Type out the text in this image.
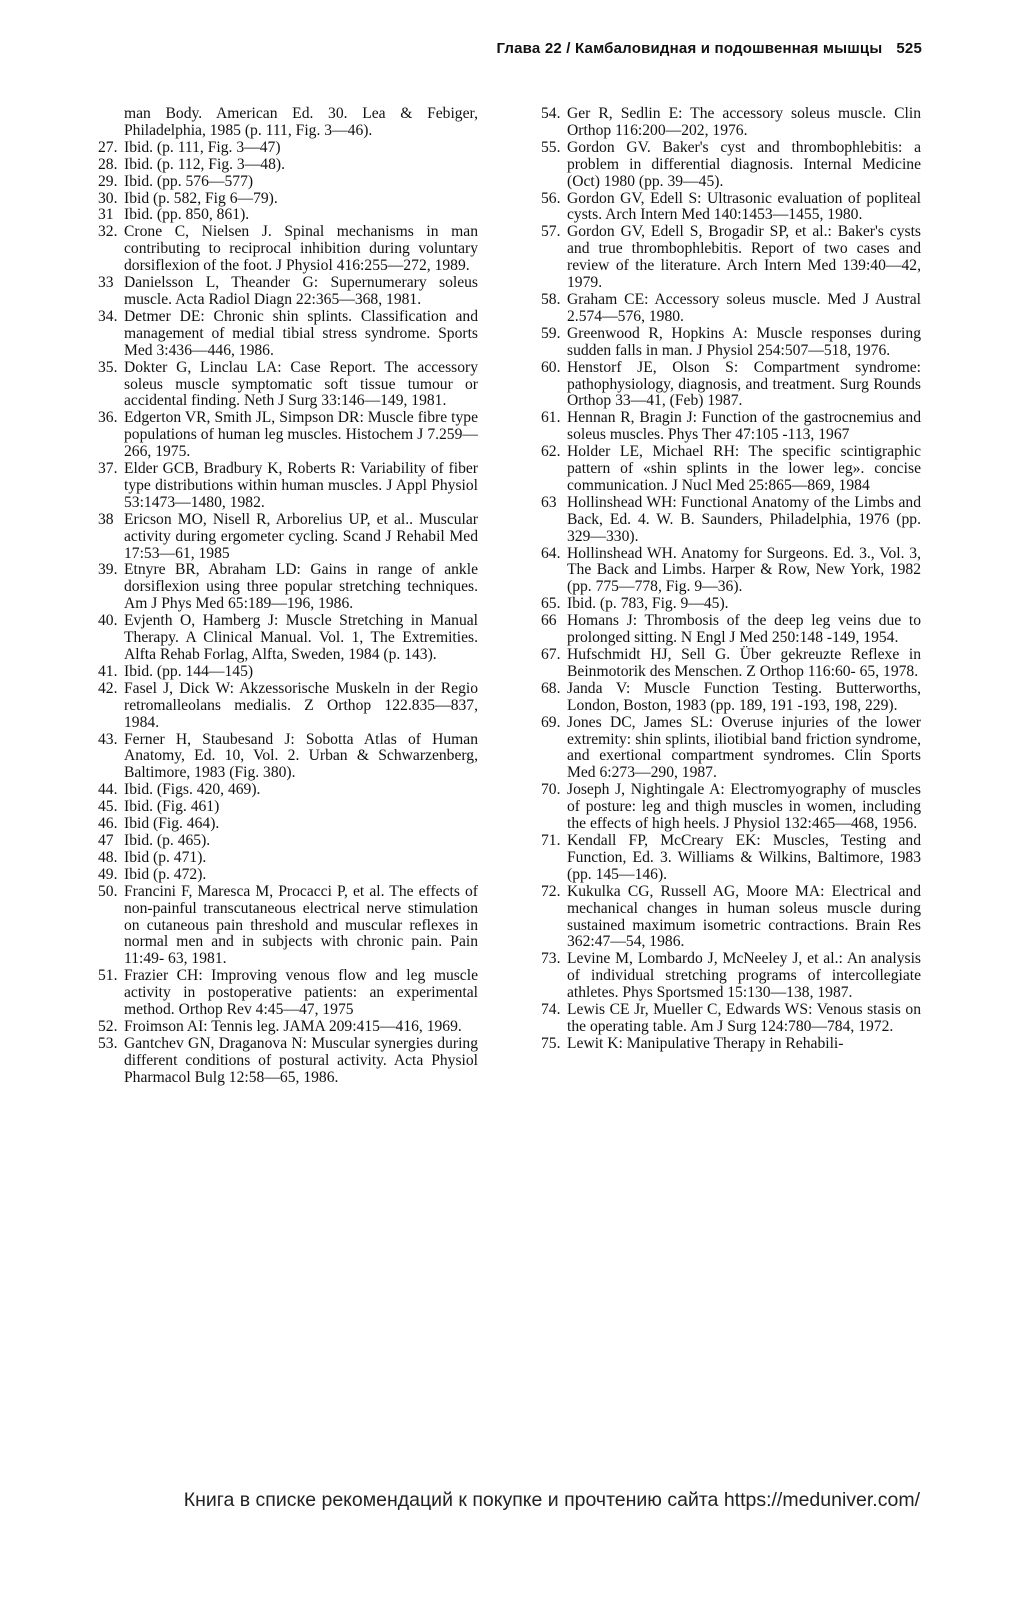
Глава 22 / Камбаловидная и подошвенная мышцы 525
man Body. American Ed. 30. Lea & Febiger, Philadelphia, 1985 (p. 111, Fig. 3—46).
27. Ibid. (p. 111, Fig. 3—47)
28. Ibid. (p. 112, Fig. 3—48).
29. Ibid. (pp. 576—577)
30. Ibid (p. 582, Fig 6—79).
31 Ibid. (pp. 850, 861).
32. Crone C, Nielsen J. Spinal mechanisms in man contributing to reciprocal inhibition during voluntary dorsiflexion of the foot. J Physiol 416:255—272, 1989.
33 Danielsson L, Theander G: Supernumerary soleus muscle. Acta Radiol Diagn 22:365—368, 1981.
34. Detmer DE: Chronic shin splints. Classification and management of medial tibial stress syndrome. Sports Med 3:436—446, 1986.
35. Dokter G, Linclau LA: Case Report. The accessory soleus muscle symptomatic soft tissue tumour or accidental finding. Neth J Surg 33:146—149, 1981.
36. Edgerton VR, Smith JL, Simpson DR: Muscle fibre type populations of human leg muscles. Histochem J 7.259—266, 1975.
37. Elder GCB, Bradbury K, Roberts R: Variability of fiber type distributions within human muscles. J Appl Physiol 53:1473—1480, 1982.
38 Ericson MO, Nisell R, Arborelius UP, et al.. Muscular activity during ergometer cycling. Scand J Rehabil Med 17:53—61, 1985
39. Etnyre BR, Abraham LD: Gains in range of ankle dorsiflexion using three popular stretching techniques. Am J Phys Med 65:189—196, 1986.
40. Evjenth O, Hamberg J: Muscle Stretching in Manual Therapy. A Clinical Manual. Vol. 1, The Extremities. Alfta Rehab Forlag, Alfta, Sweden, 1984 (p. 143).
41. Ibid. (pp. 144—145)
42. Fasel J, Dick W: Akzessorische Muskeln in der Regio retromalleolans medialis. Z Orthop 122.835—837, 1984.
43. Ferner H, Staubesand J: Sobotta Atlas of Human Anatomy, Ed. 10, Vol. 2. Urban & Schwarzenberg, Baltimore, 1983 (Fig. 380).
44. Ibid. (Figs. 420, 469).
45. Ibid. (Fig. 461)
46. Ibid (Fig. 464).
47 Ibid. (p. 465).
48. Ibid (p. 471).
49. Ibid (p. 472).
50. Francini F, Maresca M, Procacci P, et al. The effects of non-painful transcutaneous electrical nerve stimulation on cutaneous pain threshold and muscular reflexes in normal men and in subjects with chronic pain. Pain 11:49- 63, 1981.
51. Frazier CH: Improving venous flow and leg muscle activity in postoperative patients: an experimental method. Orthop Rev 4:45—47, 1975
52. Froimson AI: Tennis leg. JAMA 209:415—416, 1969.
53. Gantchev GN, Draganova N: Muscular synergies during different conditions of postural activity. Acta Physiol Pharmacol Bulg 12:58—65, 1986.
54. Ger R, Sedlin E: The accessory soleus muscle. Clin Orthop 116:200—202, 1976.
55. Gordon GV. Baker's cyst and thrombophlebitis: a problem in differential diagnosis. Internal Medicine (Oct) 1980 (pp. 39—45).
56. Gordon GV, Edell S: Ultrasonic evaluation of popliteal cysts. Arch Intern Med 140:1453—1455, 1980.
57. Gordon GV, Edell S, Brogadir SP, et al.: Baker's cysts and true thrombophlebitis. Report of two cases and review of the literature. Arch Intern Med 139:40—42, 1979.
58. Graham CE: Accessory soleus muscle. Med J Austral 2.574—576, 1980.
59. Greenwood R, Hopkins A: Muscle responses during sudden falls in man. J Physiol 254:507—518, 1976.
60. Henstorf JE, Olson S: Compartment syndrome: pathophysiology, diagnosis, and treatment. Surg Rounds Orthop 33—41, (Feb) 1987.
61. Hennan R, Bragin J: Function of the gastrocnemius and soleus muscles. Phys Ther 47:105 -113, 1967
62. Holder LE, Michael RH: The specific scintigraphic pattern of «shin splints in the lower leg». concise communication. J Nucl Med 25:865—869, 1984
63 Hollinshead WH: Functional Anatomy of the Limbs and Back, Ed. 4. W. B. Saunders, Philadelphia, 1976 (pp. 329—330).
64. Hollinshead WH. Anatomy for Surgeons. Ed. 3., Vol. 3, The Back and Limbs. Harper & Row, New York, 1982 (pp. 775—778, Fig. 9—36).
65. Ibid. (p. 783, Fig. 9—45).
66 Homans J: Thrombosis of the deep leg veins due to prolonged sitting. N Engl J Med 250:148 -149, 1954.
67. Hufschmidt HJ, Sell G. Über gekreuzte Reflexe in Beinmotorik des Menschen. Z Orthop 116:60- 65, 1978.
68. Janda V: Muscle Function Testing. Butterworths, London, Boston, 1983 (pp. 189, 191 -193, 198, 229).
69. Jones DC, James SL: Overuse injuries of the lower extremity: shin splints, iliotibial band friction syndrome, and exertional compartment syndromes. Clin Sports Med 6:273—290, 1987.
70. Joseph J, Nightingale A: Electromyography of muscles of posture: leg and thigh muscles in women, including the effects of high heels. J Physiol 132:465—468, 1956.
71. Kendall FP, McCreary EK: Muscles, Testing and Function, Ed. 3. Williams & Wilkins, Baltimore, 1983 (pp. 145—146).
72. Kukulka CG, Russell AG, Moore MA: Electrical and mechanical changes in human soleus muscle during sustained maximum isometric contractions. Brain Res 362:47—54, 1986.
73. Levine M, Lombardo J, McNeeley J, et al.: An analysis of individual stretching programs of intercollegiate athletes. Phys Sportsmed 15:130—138, 1987.
74. Lewis CE Jr, Mueller C, Edwards WS: Venous stasis on the operating table. Am J Surg 124:780—784, 1972.
75. Lewit K: Manipulative Therapy in Rehabili-
Книга в списке рекомендаций к покупке и прочтению сайта https://meduniver.com/
